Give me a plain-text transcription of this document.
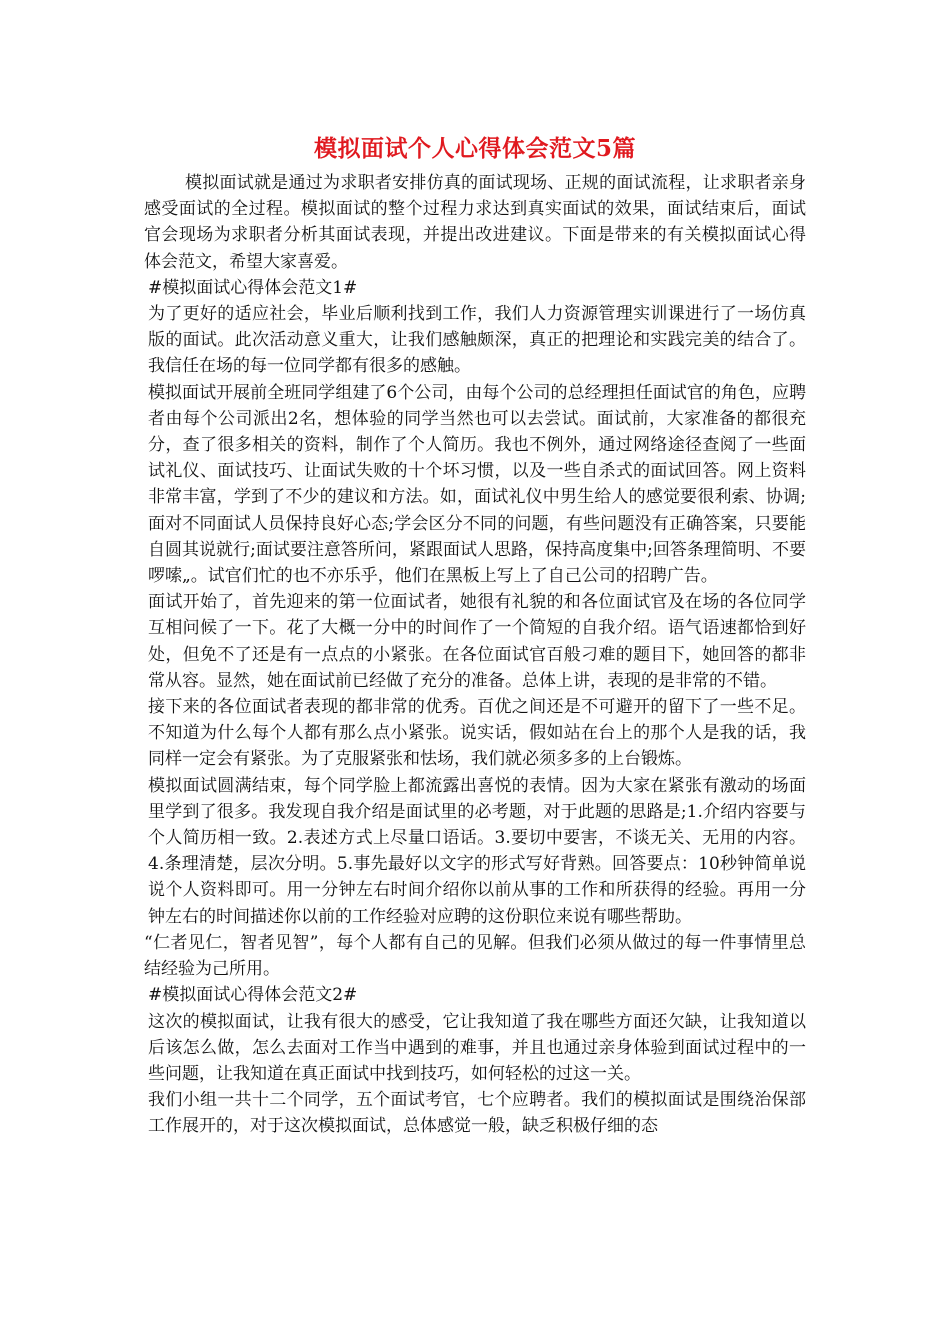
模拟面试个人心得体会范文5篇

模拟面试就是通过为求职者安排仿真的面试现场、正规的面试流程，让求职者亲身感受面试的全过程。模拟面试的整个过程力求达到真实面试的效果，面试结束后，面试官会现场为求职者分析其面试表现，并提出改进建议。下面是带来的有关模拟面试心得体会范文，希望大家喜爱。

#模拟面试心得体会范文1#

为了更好的适应社会，毕业后顺利找到工作，我们人力资源管理实训课进行了一场仿真版的面试。此次活动意义重大，让我们感触颇深，真正的把理论和实践完美的结合了。我信任在场的每一位同学都有很多的感触。

模拟面试开展前全班同学组建了6个公司，由每个公司的总经理担任面试官的角色，应聘者由每个公司派出2名，想体验的同学当然也可以去尝试。面试前，大家准备的都很充分，查了很多相关的资料，制作了个人简历。我也不例外，通过网络途径查阅了一些面试礼仪、面试技巧、让面试失败的十个坏习惯，以及一些自杀式的面试回答。网上资料非常丰富，学到了不少的建议和方法。如，面试礼仪中男生给人的感觉要很利索、协调;面对不同面试人员保持良好心态;学会区分不同的问题，有些问题没有正确答案，只要能自圆其说就行;面试要注意答所问，紧跟面试人思路，保持高度集中;回答条理简明、不要啰嗦„。试官们忙的也不亦乐乎，他们在黑板上写上了自己公司的招聘广告。

面试开始了，首先迎来的第一位面试者，她很有礼貌的和各位面试官及在场的各位同学互相问候了一下。花了大概一分中的时间作了一个简短的自我介绍。语气语速都恰到好处，但免不了还是有一点点的小紧张。在各位面试官百般刁难的题目下，她回答的都非常从容。显然，她在面试前已经做了充分的准备。总体上讲，表现的是非常的不错。

接下来的各位面试者表现的都非常的优秀。百优之间还是不可避开的留下了一些不足。不知道为什么每个人都有那么点小紧张。说实话，假如站在台上的那个人是我的话，我同样一定会有紧张。为了克服紧张和怯场，我们就必须多多的上台锻炼。

模拟面试圆满结束，每个同学脸上都流露出喜悦的表情。因为大家在紧张有激动的场面里学到了很多。我发现自我介绍是面试里的必考题，对于此题的思路是;1.介绍内容要与个人简历相一致。2.表述方式上尽量口语话。3.要切中要害，不谈无关、无用的内容。4.条理清楚，层次分明。5.事先最好以文字的形式写好背熟。回答要点：10秒钟简单说说个人资料即可。用一分钟左右时间介绍你以前从事的工作和所获得的经验。再用一分钟左右的时间描述你以前的工作经验对应聘的这份职位来说有哪些帮助。

“仁者见仁，智者见智”，每个人都有自己的见解。但我们必须从做过的每一件事情里总结经验为己所用。

#模拟面试心得体会范文2#

这次的模拟面试，让我有很大的感受，它让我知道了我在哪些方面还欠缺，让我知道以后该怎么做，怎么去面对工作当中遇到的难事，并且也通过亲身体验到面试过程中的一些问题，让我知道在真正面试中找到技巧，如何轻松的过这一关。

我们小组一共十二个同学，五个面试考官，七个应聘者。我们的模拟面试是围绕治保部工作展开的，对于这次模拟面试，总体感觉一般，缺乏积极仔细的态
